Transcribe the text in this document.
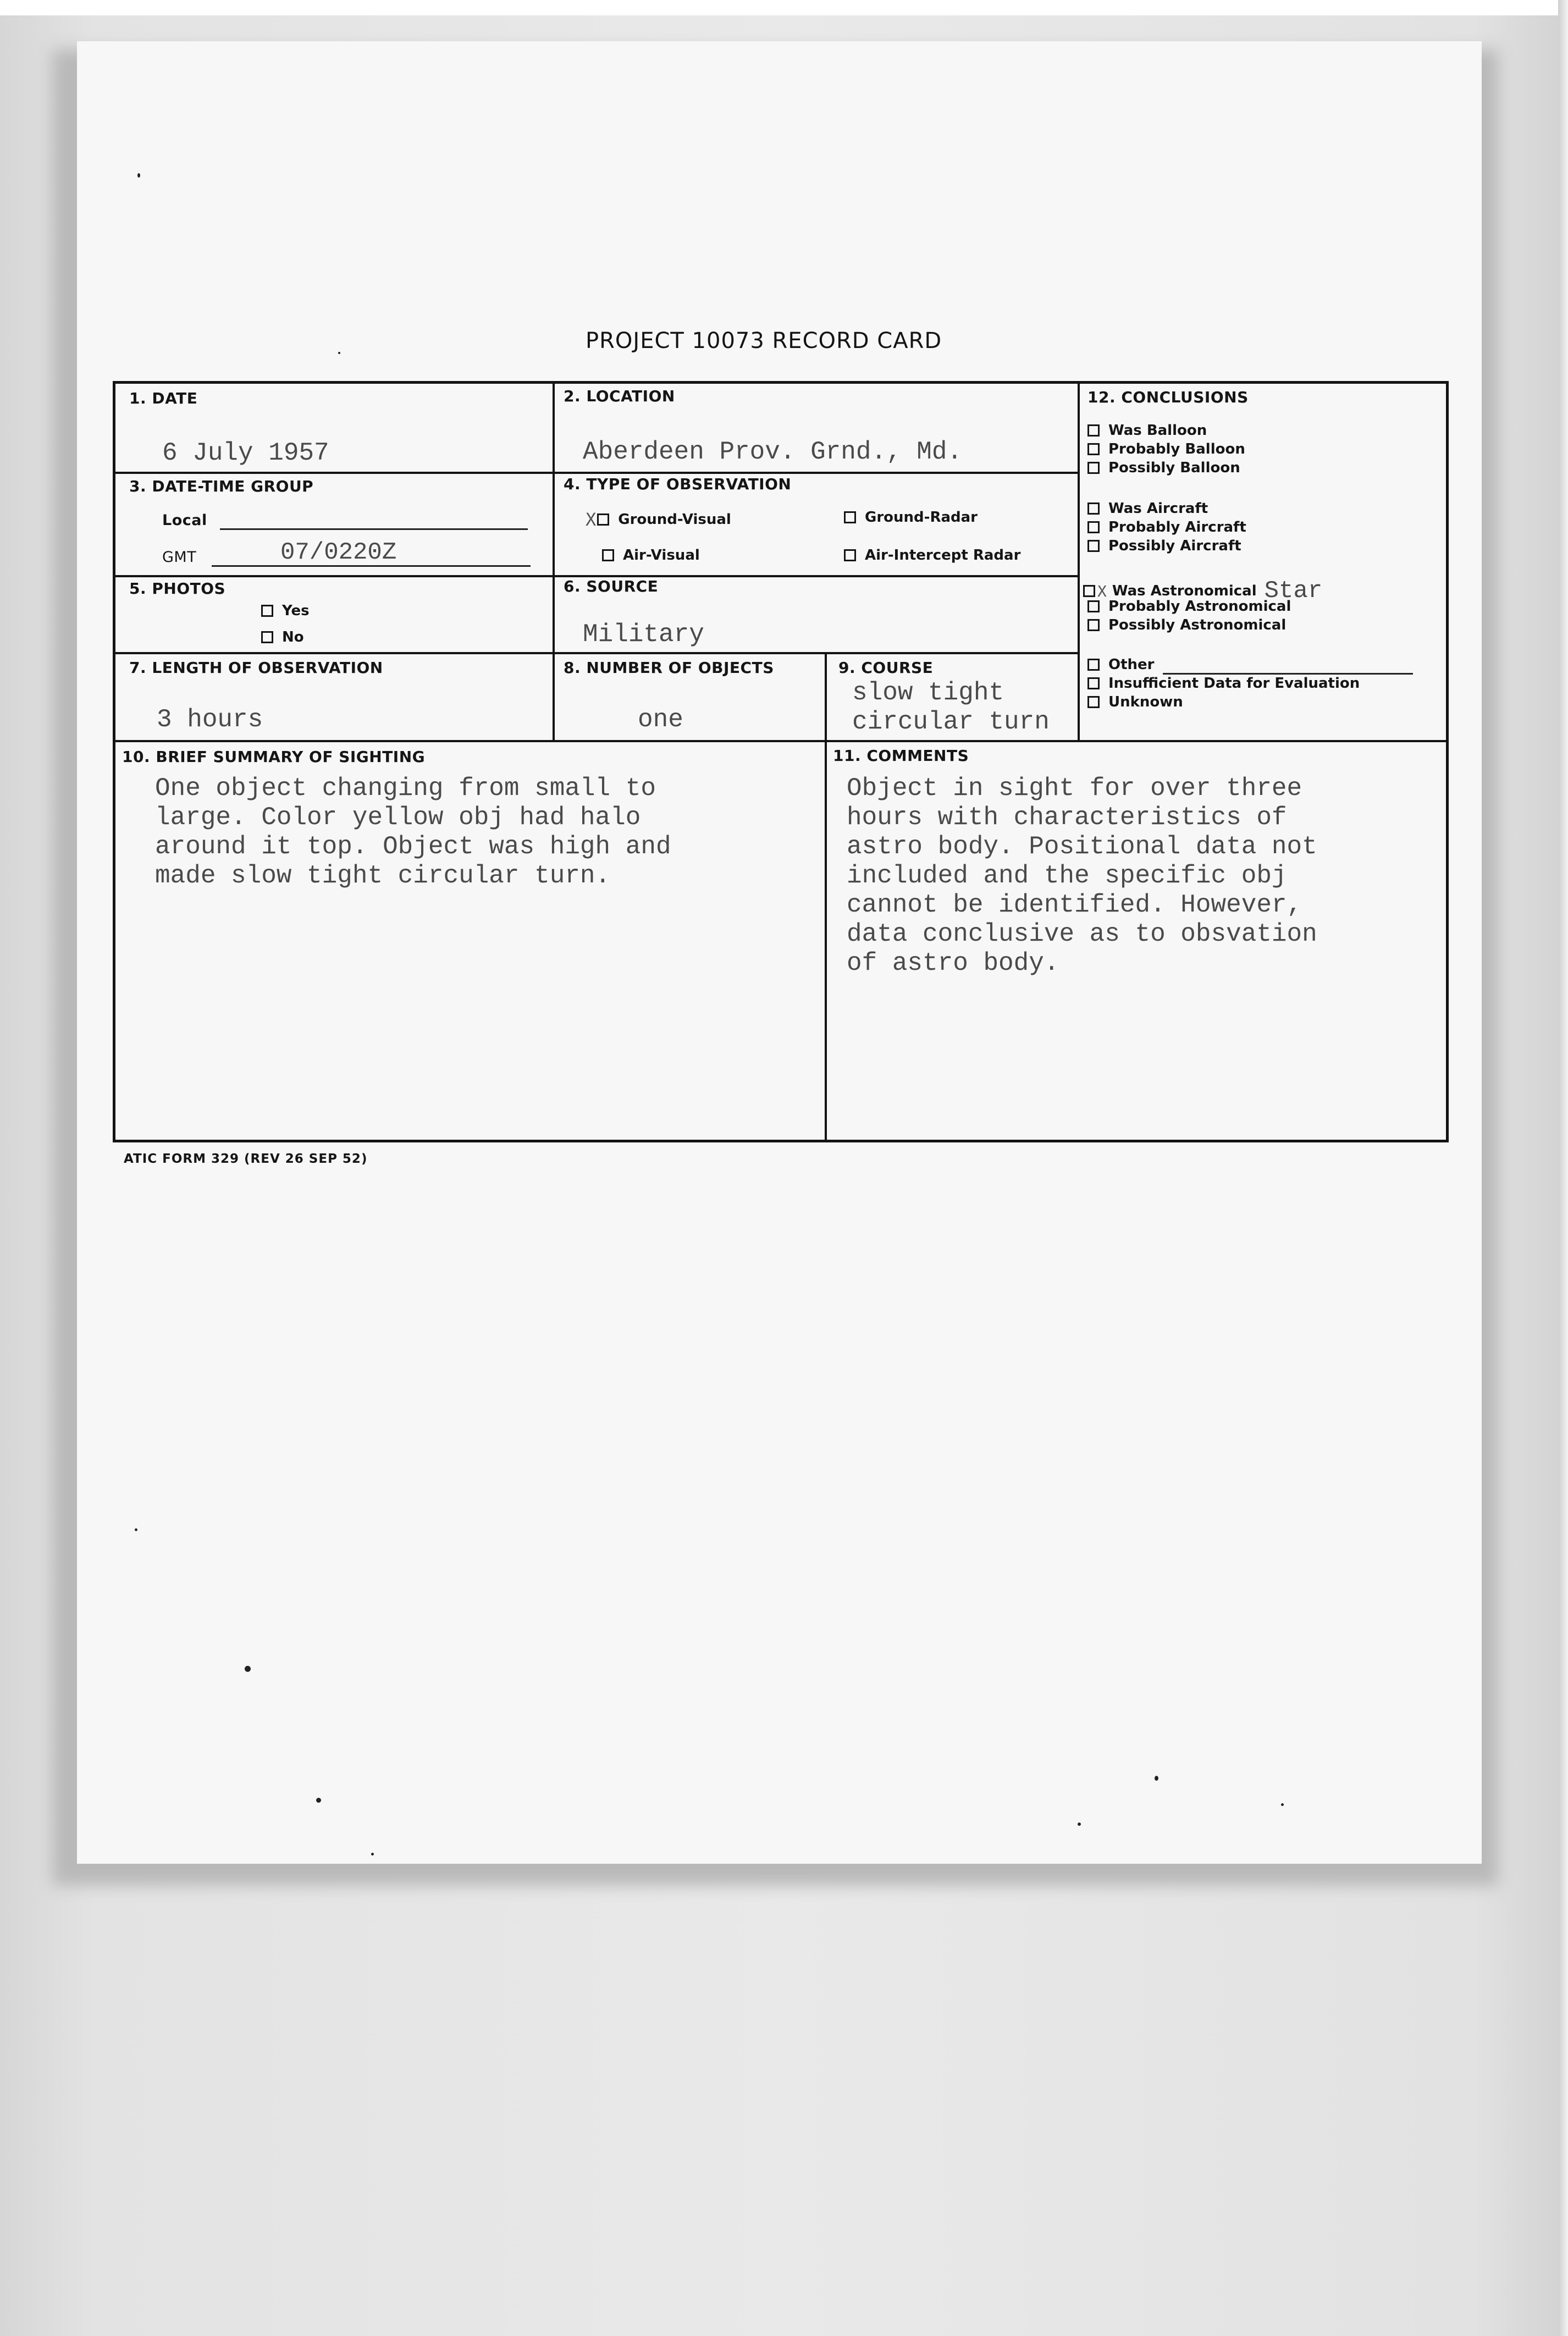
PROJECT 10073 RECORD CARD
1. DATE
6 July 1957
2. LOCATION
Aberdeen Prov. Grnd., Md.
3. DATE-TIME GROUP
Local
GMT	07/0220Z
4. TYPE OF OBSERVATION
X Ground-Visual	Ground-Radar
Air-Visual	Air-Intercept Radar
5. PHOTOS
Yes
No
6. SOURCE
Military
7. LENGTH OF OBSERVATION
3 hours
8. NUMBER OF OBJECTS
one
9. COURSE
slow tight
circular turn
10. BRIEF SUMMARY OF SIGHTING
One object changing from small to
large. Color yellow obj had halo
around it top. Object was high and
made slow tight circular turn.
11. COMMENTS
Object in sight for over three
hours with characteristics of
astro body. Positional data not
included and the specific obj
cannot be identified. However,
data conclusive as to obsvation
of astro body.
12. CONCLUSIONS
Was Balloon
Probably Balloon
Possibly Balloon
Was Aircraft
Probably Aircraft
Possibly Aircraft
X Was Astronomical Star
Probably Astronomical
Possibly Astronomical
Other
Insufficient Data for Evaluation
Unknown
ATIC FORM 329 (REV 26 SEP 52)
